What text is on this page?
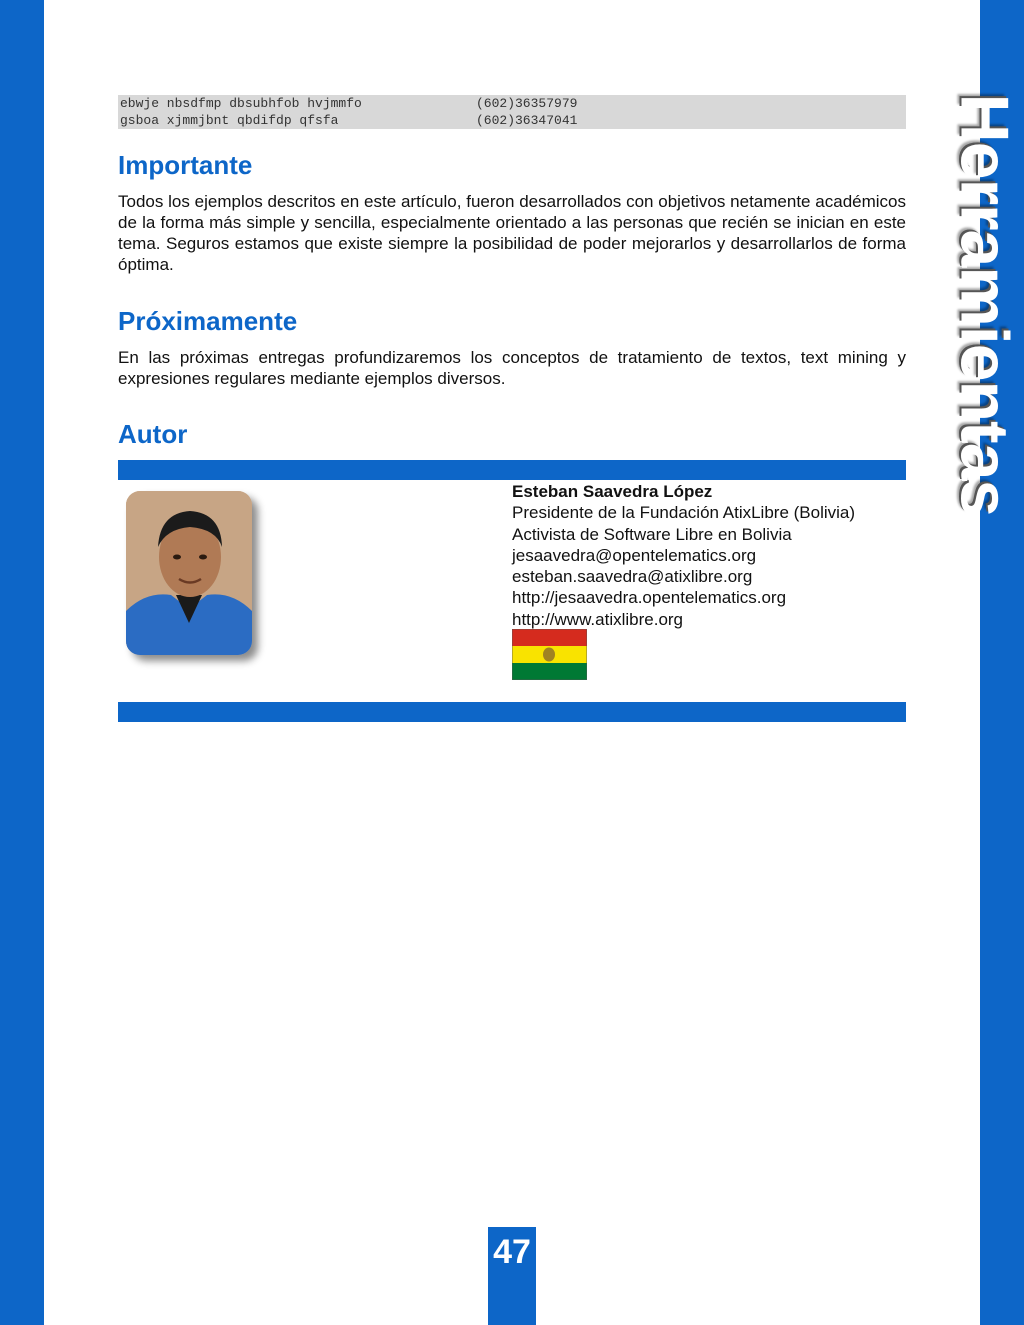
Herramientas
ebwje nbsdfmp dbsubhfob hvjmmfo	(602)36357979
gsboa xjmmjbnt qbdifdp qfsfa	(602)36347041
Importante

Todos los ejemplos descritos en este artículo, fueron desarrollados con objetivos netamente académicos de la forma más simple y sencilla, especialmente orientado a las personas que recién se inician en este tema. Seguros estamos que existe siempre la posibilidad de poder mejorarlos y desarrollarlos de forma óptima.

Próximamente

En las próximas entregas profundizaremos los conceptos de tratamiento de textos, text mining y expresiones regulares mediante ejemplos diversos.

Autor
Esteban Saavedra López
Presidente de la Fundación AtixLibre (Bolivia)
Activista de Software Libre en Bolivia
jesaavedra@opentelematics.org
esteban.saavedra@atixlibre.org
http://jesaavedra.opentelematics.org
http://www.atixlibre.org
47
